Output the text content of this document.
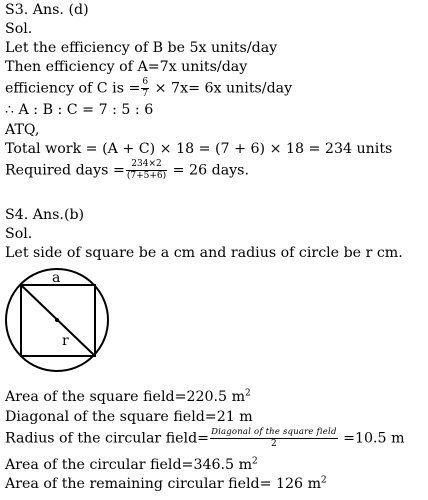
S3. Ans. (d)
Sol.
Let the efficiency of B be 5x units/day
Then efficiency of A=7x units/day
efficiency of C is = $\frac{6}{7} \times 7x= 6x$ units/day
∴ A : B : C = 7 : 5 : 6
ATQ,
Total work = (A + C) × 18 = (7 + 6) × 18 = 234 units
Required days = $\frac{234\times 2}{(7+5+6)} = 26$ days.
S4. Ans.(b)
Sol.
Let side of square be a cm and radius of circle be r cm.
a
r
Area of the square field=220.5 $m^2$
Diagonal of the square field=21 m
Radius of the circular field= $\frac{\text{Diagonal of the square field}}{2} =10.5$ m
Area of the circular field=346.5 $m^2$
Area of the remaining circular field= 126 $m^2$
